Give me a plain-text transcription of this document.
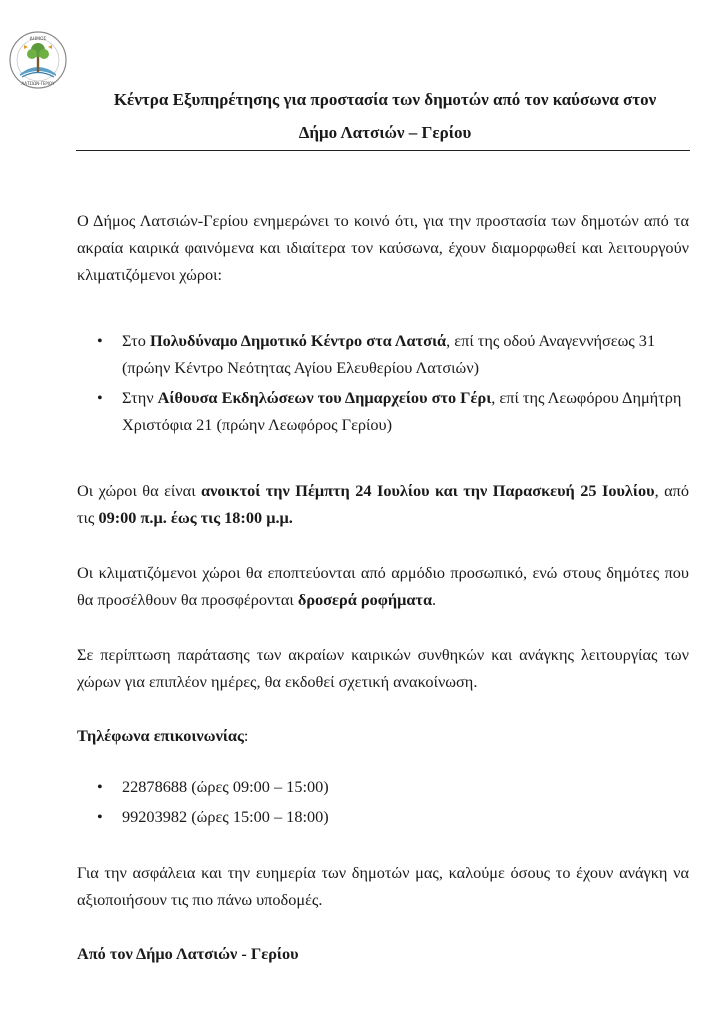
ΔΗΜΟΣ
ΛΑΤΣΙΩΝ-ΓΕΡΙΟΥ
Κέντρα Εξυπηρέτησης για προστασία των δημοτών από τον καύσωνα στον
Δήμο Λατσιών – Γερίου
Ο Δήμος Λατσιών-Γερίου ενημερώνει το κοινό ότι, για την προστασία των δημοτών από τα ακραία καιρικά φαινόμενα και ιδιαίτερα τον καύσωνα, έχουν διαμορφωθεί και λειτουργούν κλιματιζόμενοι χώροι:
• Στο Πολυδύναμο Δημοτικό Κέντρο στα Λατσιά, επί της οδού Αναγεννήσεως 31 (πρώην Κέντρο Νεότητας Αγίου Ελευθερίου Λατσιών)
• Στην Αίθουσα Εκδηλώσεων του Δημαρχείου στο Γέρι, επί της Λεωφόρου Δημήτρη Χριστόφια 21 (πρώην Λεωφόρος Γερίου)
Οι χώροι θα είναι ανοικτοί την Πέμπτη 24 Ιουλίου και την Παρασκευή 25 Ιουλίου, από τις 09:00 π.μ. έως τις 18:00 μ.μ.
Οι κλιματιζόμενοι χώροι θα εποπτεύονται από αρμόδιο προσωπικό, ενώ στους δημότες που θα προσέλθουν θα προσφέρονται δροσερά ροφήματα.
Σε περίπτωση παράτασης των ακραίων καιρικών συνθηκών και ανάγκης λειτουργίας των χώρων για επιπλέον ημέρες, θα εκδοθεί σχετική ανακοίνωση.
Τηλέφωνα επικοινωνίας:
• 22878688 (ώρες 09:00 – 15:00)
• 99203982 (ώρες 15:00 – 18:00)
Για την ασφάλεια και την ευημερία των δημοτών μας, καλούμε όσους το έχουν ανάγκη να αξιοποιήσουν τις πιο πάνω υποδομές.
Από τον Δήμο Λατσιών - Γερίου
